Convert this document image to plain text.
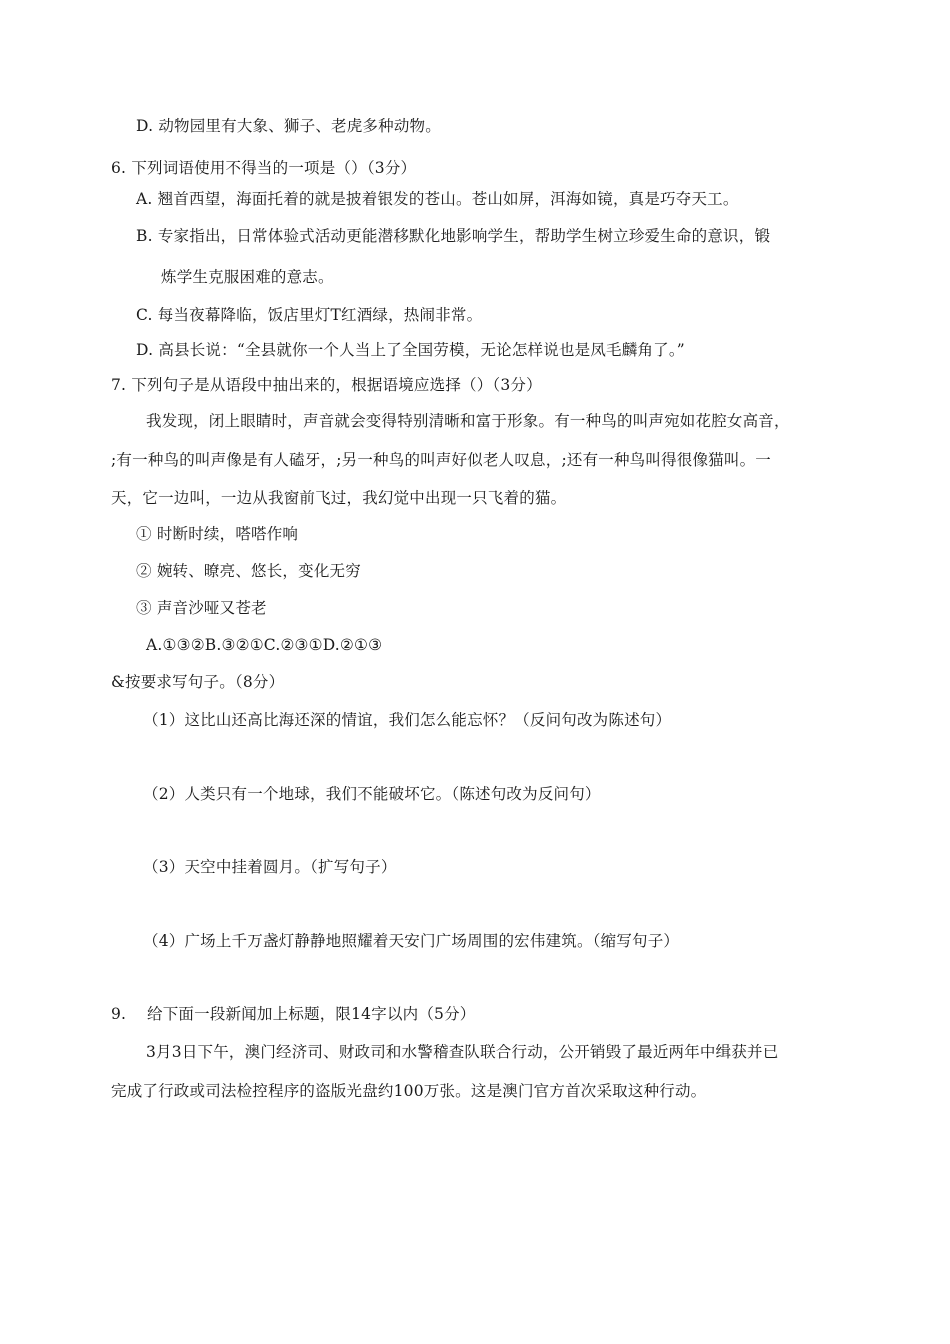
D. 动物园里有大象、狮子、老虎多种动物。
6. 下列词语使用不得当的一项是（）（3分）
A. 翘首西望，海面托着的就是披着银发的苍山。苍山如屏，洱海如镜，真是巧夺天工。
B. 专家指出，日常体验式活动更能潜移默化地影响学生，帮助学生树立珍爱生命的意识，锻
炼学生克服困难的意志。
C. 每当夜幕降临，饭店里灯T红酒绿，热闹非常。
D. 高县长说：“全县就你一个人当上了全国劳模，无论怎样说也是凤毛麟角了。”
7. 下列句子是从语段中抽出来的，根据语境应选择（）（3分）
我发现，闭上眼睛时，声音就会变得特别清晰和富于形象。有一种鸟的叫声宛如花腔女高音，
;有一种鸟的叫声像是有人磕牙，;另一种鸟的叫声好似老人叹息，;还有一种鸟叫得很像猫叫。一
天，它一边叫，一边从我窗前飞过，我幻觉中出现一只飞着的猫。
① 时断时续，嗒嗒作响
② 婉转、暸亮、悠长，变化无穷
③ 声音沙哑又苍老
A.①③②B.③②①C.②③①D.②①③
&按要求写句子。（8分）
（1）这比山还高比海还深的情谊，我们怎么能忘怀？（反问句改为陈述句）
（2）人类只有一个地球，我们不能破坏它。（陈述句改为反问句）
（3）天空中挂着圆月。（扩写句子）
（4）广场上千万盏灯静静地照耀着天安门广场周围的宏伟建筑。（缩写句子）
9.　 给下面一段新闻加上标题，限14字以内（5分）
3月3日下午，澳门经济司、财政司和水警稽查队联合行动，公开销毁了最近两年中缉获并已
完成了行政或司法检控程序的盗版光盘约100万张。这是澳门官方首次采取这种行动。
